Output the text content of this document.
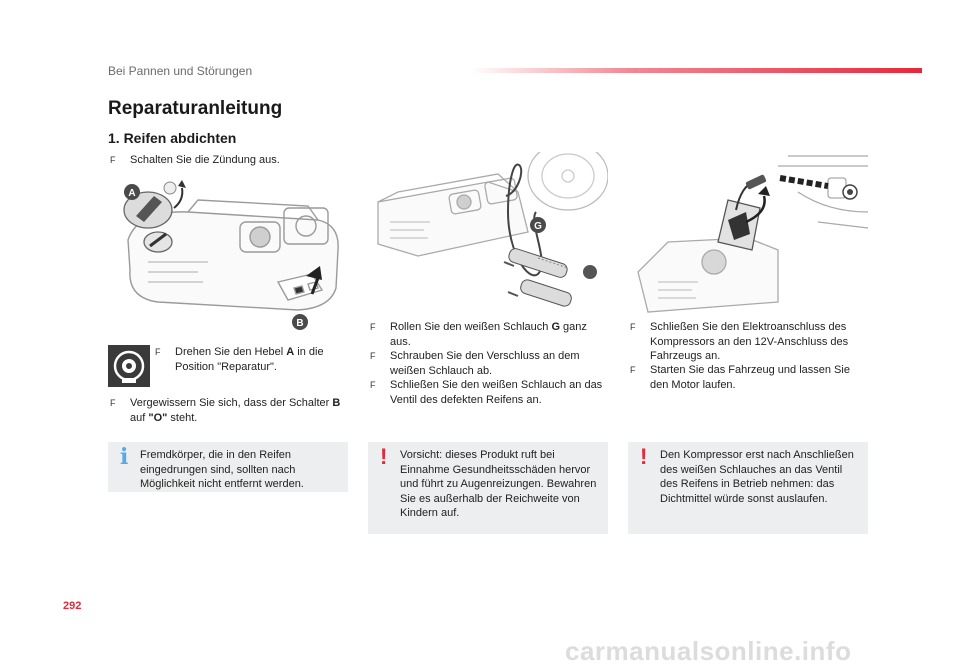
Bei Pannen und Störungen
Reparaturanleitung
1. Reifen abdichten
F	Schalten Sie die Zündung aus.
A
B
F	Drehen Sie den Hebel A in die Position "Reparatur".
F	Vergewissern Sie sich, dass der Schalter B auf "O" steht.
i Fremdkörper, die in den Reifen eingedrungen sind, sollten nach Möglichkeit nicht entfernt werden.
G
F	Rollen Sie den weißen Schlauch G ganz aus.
F	Schrauben Sie den Verschluss an dem weißen Schlauch ab.
F	Schließen Sie den weißen Schlauch an das Ventil des defekten Reifens an.
! Vorsicht: dieses Produkt ruft bei Einnahme Gesundheitsschäden hervor und führt zu Augenreizungen. Bewahren Sie es außerhalb der Reichweite von Kindern auf.
F	Schließen Sie den Elektroanschluss des Kompressors an den 12V-Anschluss des Fahrzeugs an.
F	Starten Sie das Fahrzeug und lassen Sie den Motor laufen.
! Den Kompressor erst nach Anschließen des weißen Schlauches an das Ventil des Reifens in Betrieb nehmen: das Dichtmittel würde sonst auslaufen.
292
carmanualsonline.info
